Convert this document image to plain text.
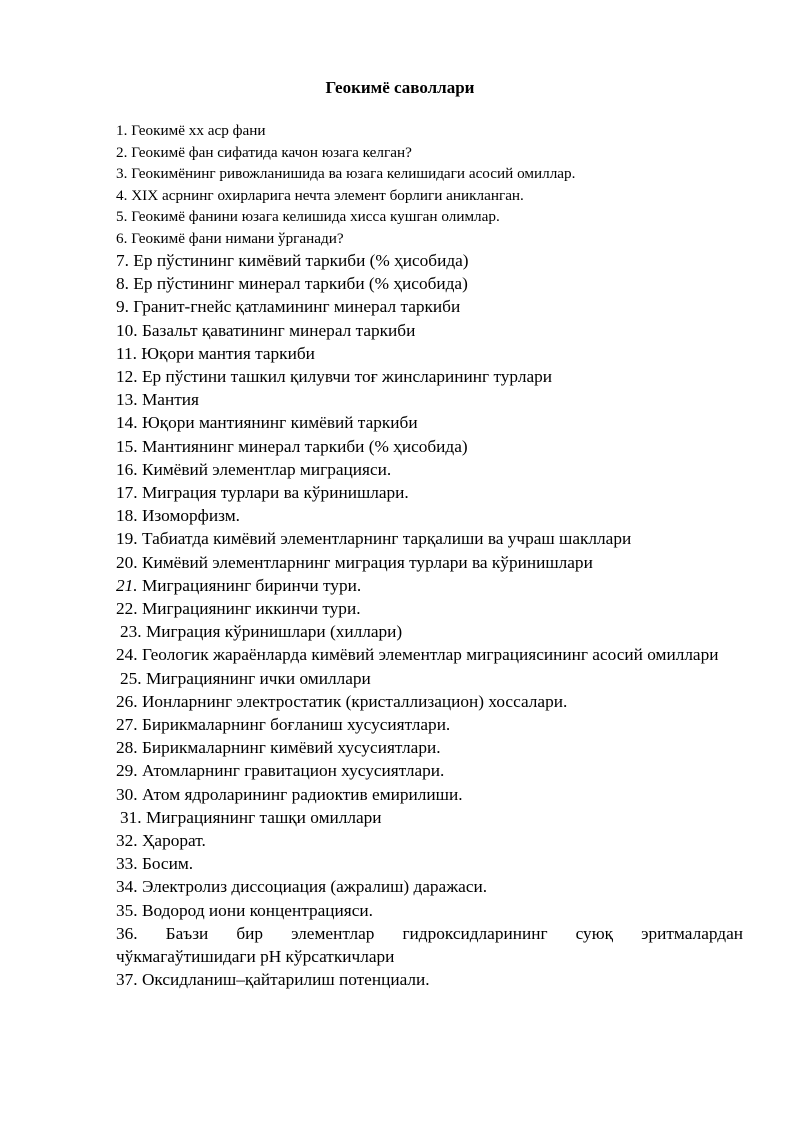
Геокимё саволлари
1. Геокимё хх аср фани
2. Геокимё фан сифатида качон юзага келган?
3. Геокимёнинг ривожланишида ва юзага келишидаги асосий омиллар.
4. XIX асрнинг охирларига нечта элемент борлиги аникланган.
5. Геокимё фанини юзага келишида хисса кушган олимлар.
6. Геокимё фани нимани ўрганади?
7. Ер пўстининг кимёвий таркиби (% ҳисобида)
8. Ер пўстининг минерал таркиби (% ҳисобида)
9. Гранит-гнейс қатламининг минерал таркиби
10. Базальт қаватининг минерал таркиби
11. Юқори мантия таркиби
12. Ер пўстини ташкил қилувчи тоғ жинсларининг турлари
13. Мантия
14. Юқори мантиянинг кимёвий таркиби
15. Мантиянинг минерал таркиби (% ҳисобида)
16. Кимёвий элементлар миграцияси.
17. Миграция турлари ва кўринишлари.
18. Изоморфизм.
19. Табиатда кимёвий элементларнинг тарқалиши ва учраш шакллари
20. Кимёвий элементларнинг миграция турлари ва кўринишлари
21. Миграциянинг биринчи тури.
22. Миграциянинг иккинчи тури.
23. Миграция кўринишлари (хиллари)
24. Геологик жараёнларда кимёвий элементлар миграциясининг асосий омиллари
25. Миграциянинг ички омиллари
26. Ионларнинг электростатик (кристаллизацион) хоссалари.
27. Бирикмаларнинг боғланиш хусусиятлари.
28. Бирикмаларнинг кимёвий хусусиятлари.
29. Атомларнинг гравитацион хусусиятлари.
30. Атом ядроларининг радиоктив емирилиши.
31. Миграциянинг ташқи омиллари
32. Ҳарорат.
33. Босим.
34. Электролиз диссоциация (ажралиш) даражаси.
35. Водород иони концентрацияси.
36. Баъзи бир элементлар гидроксидларининг суюқ эритмалардан чўкмагаўтишидаги pH кўрсаткичлари
37. Оксидланиш–қайтарилиш потенциали.
